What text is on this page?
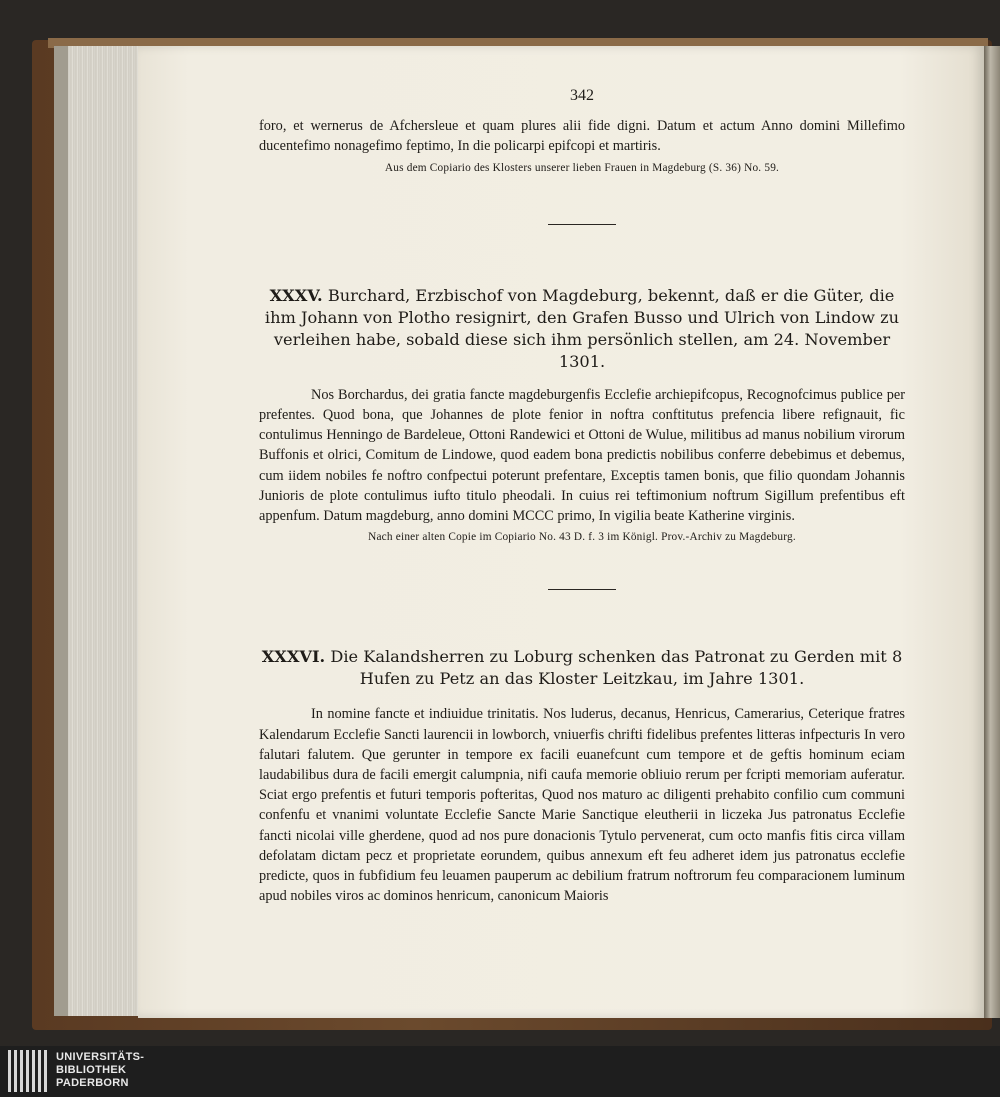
342

foro, et wernerus de Afchersleue et quam plures alii fide digni. Datum et actum Anno domini Millefimo ducentefimo nonagefimo feptimo, In die policarpi epifcopi et martiris.

Aus dem Copiario des Klosters unserer lieben Frauen in Magdeburg (S. 36) No. 59.

XXXV. Burchard, Erzbischof von Magdeburg, bekennt, daß er die Güter, die ihm Johann von Plotho resignirt, den Grafen Busso und Ulrich von Lindow zu verleihen habe, sobald diese sich ihm persönlich stellen, am 24. November 1301.

Nos Borchardus, dei gratia fancte magdeburgenfis Ecclefie archiepifcopus, Recognofcimus publice per prefentes. Quod bona, que Johannes de plote fenior in noftra conftitutus prefencia libere refignauit, fic contulimus Henningo de Bardeleue, Ottoni Randewici et Ottoni de Wulue, militibus ad manus nobilium virorum Buffonis et olrici, Comitum de Lindowe, quod eadem bona predictis nobilibus conferre debebimus et debemus, cum iidem nobiles fe noftro confpectui poterunt prefentare, Exceptis tamen bonis, que filio quondam Johannis Junioris de plote contulimus iufto titulo pheodali. In cuius rei teftimonium noftrum Sigillum prefentibus eft appenfum. Datum magdeburg, anno domini MCCC primo, In vigilia beate Katherine virginis.

Nach einer alten Copie im Copiario No. 43 D. f. 3 im Königl. Prov.-Archiv zu Magdeburg.

XXXVI. Die Kalandsherren zu Loburg schenken das Patronat zu Gerden mit 8 Hufen zu Petz an das Kloster Leitzkau, im Jahre 1301.

In nomine fancte et indiuidue trinitatis. Nos luderus, decanus, Henricus, Camerarius, Ceterique fratres Kalendarum Ecclefie Sancti laurencii in lowborch, vniuerfis chrifti fidelibus prefentes litteras infpecturis In vero falutari falutem. Que gerunter in tempore ex facili euanefcunt cum tempore et de geftis hominum eciam laudabilibus dura de facili emergit calumpnia, nifi caufa memorie obliuio rerum per fcripti memoriam auferatur. Sciat ergo prefentis et futuri temporis pofteritas, Quod nos maturo ac diligenti prehabito confilio cum communi confenfu et vnanimi voluntate Ecclefie Sancte Marie Sanctique eleutherii in liczeka Jus patronatus Ecclefie fancti nicolai ville gherdene, quod ad nos pure donacionis Tytulo pervenerat, cum octo manfis fitis circa villam defolatam dictam pecz et proprietate eorundem, quibus annexum eft feu adheret idem jus patronatus ecclefie predicte, quos in fubfidium feu leuamen pauperum ac debilium fratrum noftrorum feu comparacionem luminum apud nobiles viros ac dominos henricum, canonicum Maioris

UNIVERSITÄTS-
BIBLIOTHEK
PADERBORN
